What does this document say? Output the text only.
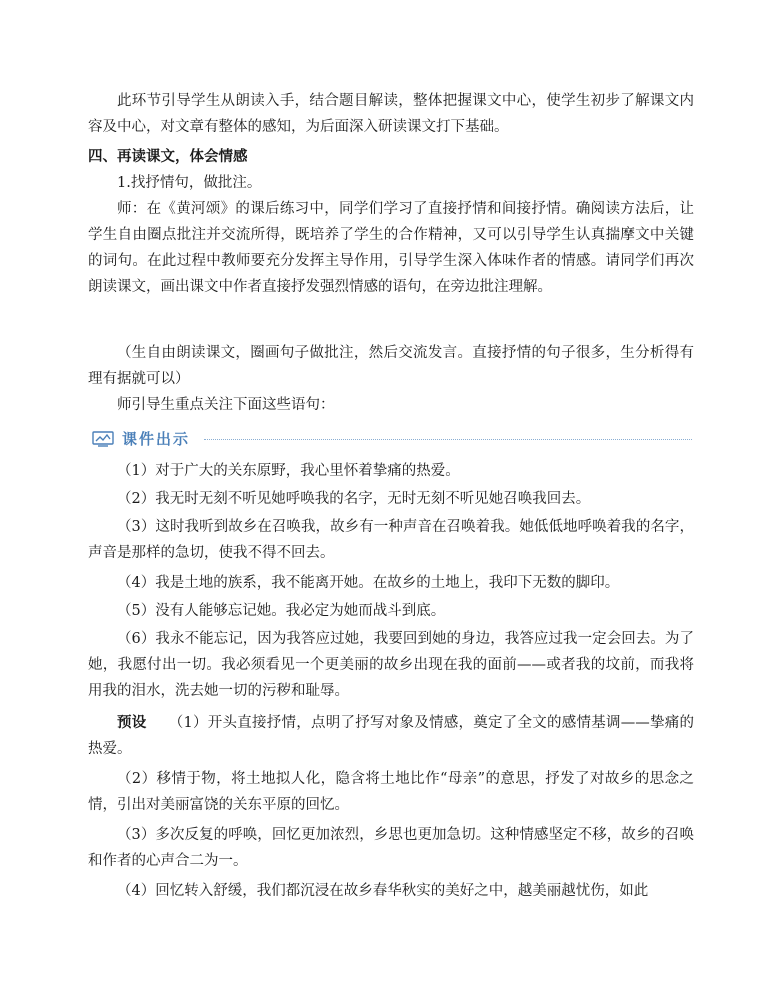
此环节引导学生从朗读入手，结合题目解读，整体把握课文中心，使学生初步了解课文内容及中心，对文章有整体的感知，为后面深入研读课文打下基础。

四、再读课文，体会情感

1.找抒情句，做批注。

师：在《黄河颂》的课后练习中，同学们学习了直接抒情和间接抒情。确阅读方法后，让学生自由圈点批注并交流所得，既培养了学生的合作精神，又可以引导学生认真揣摩文中关键的词句。在此过程中教师要充分发挥主导作用，引导学生深入体味作者的情感。请同学们再次朗读课文，画出课文中作者直接抒发强烈情感的语句，在旁边批注理解。

（生自由朗读课文，圈画句子做批注，然后交流发言。直接抒情的句子很多，生分析得有理有据就可以）

师引导生重点关注下面这些语句：

课件出示

（1）对于广大的关东原野，我心里怀着挚痛的热爱。

（2）我无时无刻不听见她呼唤我的名字，无时无刻不听见她召唤我回去。

（3）这时我听到故乡在召唤我，故乡有一种声音在召唤着我。她低低地呼唤着我的名字，声音是那样的急切，使我不得不回去。

（4）我是土地的族系，我不能离开她。在故乡的土地上，我印下无数的脚印。

（5）没有人能够忘记她。我必定为她而战斗到底。

（6）我永不能忘记，因为我答应过她，我要回到她的身边，我答应过我一定会回去。为了她，我愿付出一切。我必须看见一个更美丽的故乡出现在我的面前——或者我的坟前，而我将用我的泪水，洗去她一切的污秽和耻辱。

预设　　 （1）开头直接抒情，点明了抒写对象及情感，奠定了全文的感情基调——挚痛的热爱。

（2）移情于物，将土地拟人化，隐含将土地比作“母亲”的意思，抒发了对故乡的思念之情，引出对美丽富饶的关东平原的回忆。

（3）多次反复的呼唤，回忆更加浓烈，乡思也更加急切。这种情感坚定不移，故乡的召唤和作者的心声合二为一。

（4）回忆转入舒缓，我们都沉浸在故乡春华秋实的美好之中，越美丽越忧伤，如此
